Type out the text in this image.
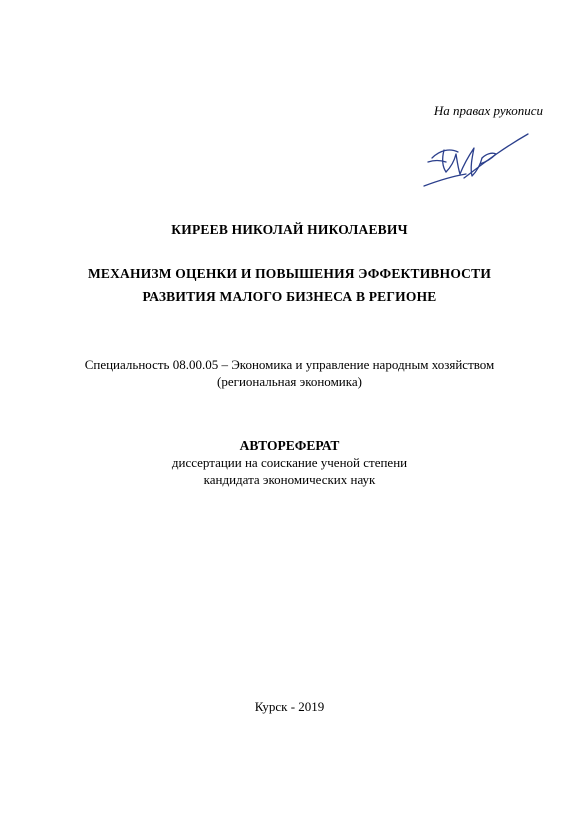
На правах рукописи
КИРЕЕВ НИКОЛАЙ НИКОЛАЕВИЧ
МЕХАНИЗМ ОЦЕНКИ И ПОВЫШЕНИЯ ЭФФЕКТИВНОСТИ
РАЗВИТИЯ МАЛОГО БИЗНЕСА В РЕГИОНЕ
Специальность 08.00.05 – Экономика и управление народным хозяйством
(региональная экономика)
АВТОРЕФЕРАТ
диссертации на соискание ученой степени
кандидата экономических наук
Курск - 2019
